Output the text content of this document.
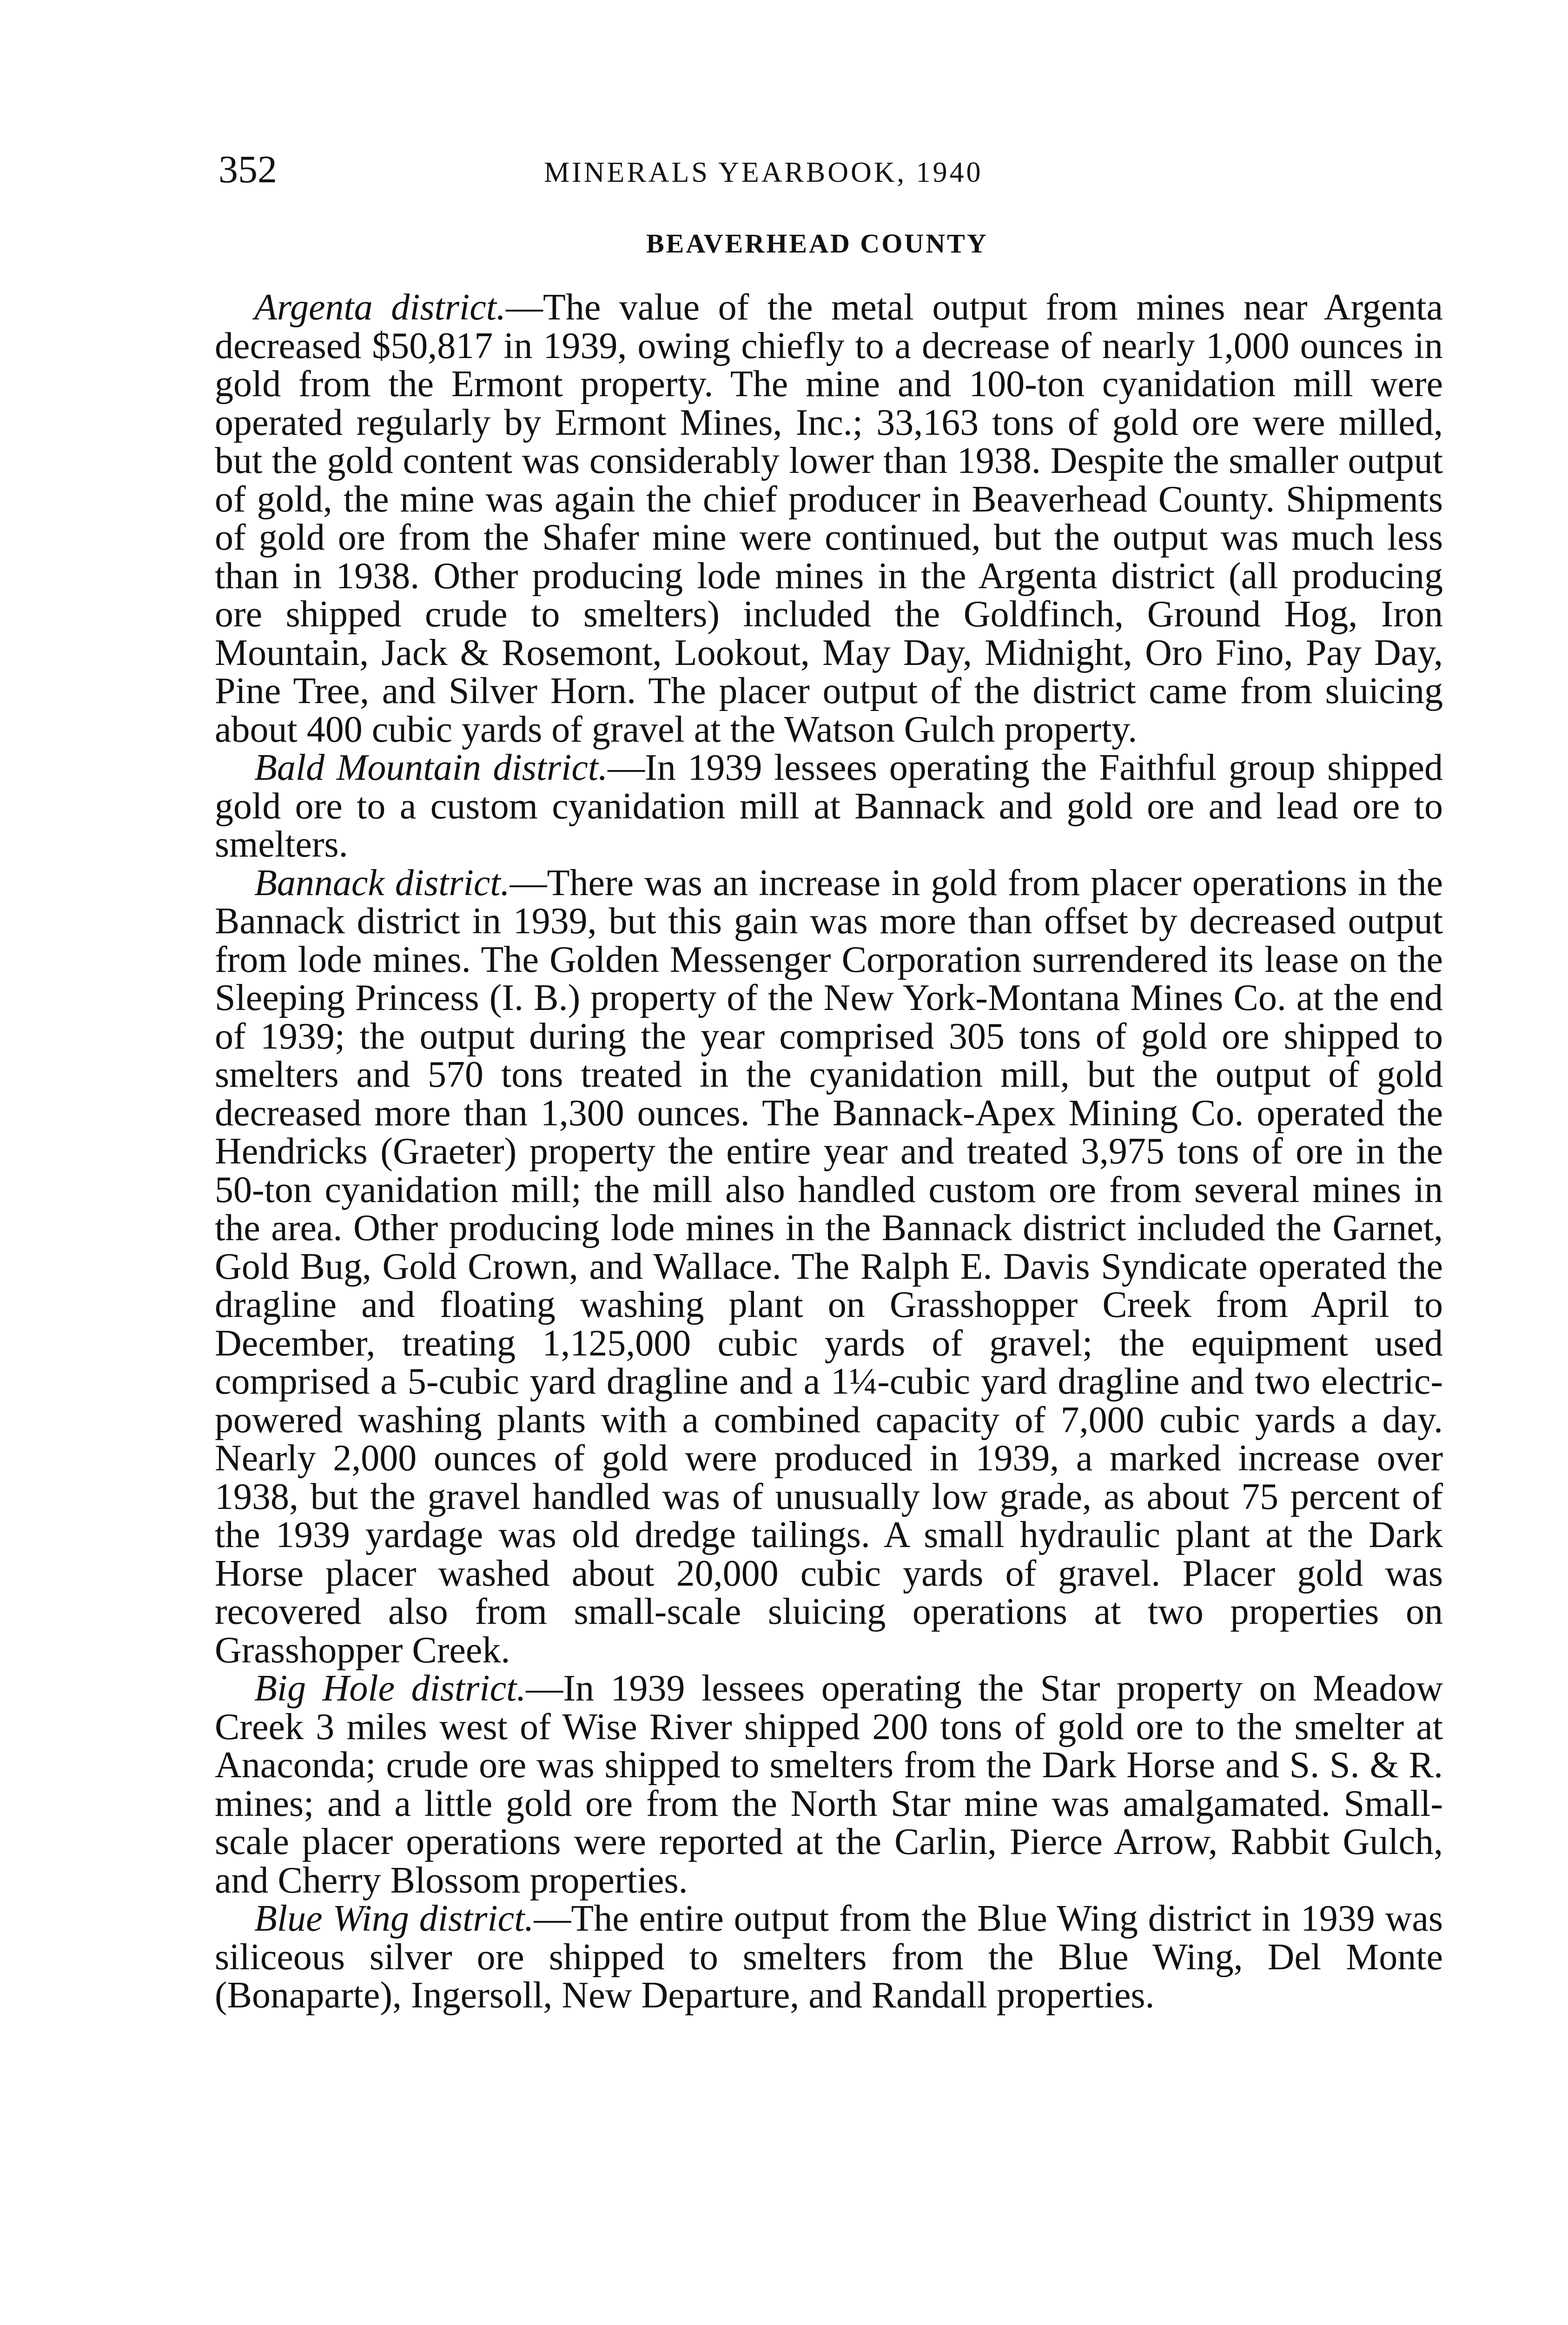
352	MINERALS YEARBOOK, 1940
BEAVERHEAD COUNTY

Argenta district.—The value of the metal output from mines near Argenta decreased $50,817 in 1939, owing chiefly to a decrease of nearly 1,000 ounces in gold from the Ermont property. The mine and 100-ton cyanidation mill were operated regularly by Ermont Mines, Inc.; 33,163 tons of gold ore were milled, but the gold content was considerably lower than 1938. Despite the smaller output of gold, the mine was again the chief producer in Beaverhead County. Shipments of gold ore from the Shafer mine were continued, but the output was much less than in 1938. Other producing lode mines in the Argenta district (all producing ore shipped crude to smelters) included the Goldfinch, Ground Hog, Iron Mountain, Jack & Rosemont, Lookout, May Day, Midnight, Oro Fino, Pay Day, Pine Tree, and Silver Horn. The placer output of the district came from sluicing about 400 cubic yards of gravel at the Watson Gulch property.

Bald Mountain district.—In 1939 lessees operating the Faithful group shipped gold ore to a custom cyanidation mill at Bannack and gold ore and lead ore to smelters.

Bannack district.—There was an increase in gold from placer operations in the Bannack district in 1939, but this gain was more than offset by decreased output from lode mines. The Golden Messenger Corporation surrendered its lease on the Sleeping Princess (I. B.) property of the New York-Montana Mines Co. at the end of 1939; the output during the year comprised 305 tons of gold ore shipped to smelters and 570 tons treated in the cyanidation mill, but the output of gold decreased more than 1,300 ounces. The Bannack-Apex Mining Co. operated the Hendricks (Graeter) property the entire year and treated 3,975 tons of ore in the 50-ton cyanidation mill; the mill also handled custom ore from several mines in the area. Other producing lode mines in the Bannack district included the Garnet, Gold Bug, Gold Crown, and Wallace. The Ralph E. Davis Syndicate operated the dragline and floating washing plant on Grasshopper Creek from April to December, treating 1,125,000 cubic yards of gravel; the equipment used comprised a 5-cubic yard dragline and a 1¼-cubic yard dragline and two electric-powered washing plants with a combined capacity of 7,000 cubic yards a day. Nearly 2,000 ounces of gold were produced in 1939, a marked increase over 1938, but the gravel handled was of unusually low grade, as about 75 percent of the 1939 yardage was old dredge tailings. A small hydraulic plant at the Dark Horse placer washed about 20,000 cubic yards of gravel. Placer gold was recovered also from small-scale sluicing operations at two properties on Grasshopper Creek.

Big Hole district.—In 1939 lessees operating the Star property on Meadow Creek 3 miles west of Wise River shipped 200 tons of gold ore to the smelter at Anaconda; crude ore was shipped to smelters from the Dark Horse and S. S. & R. mines; and a little gold ore from the North Star mine was amalgamated. Small-scale placer operations were reported at the Carlin, Pierce Arrow, Rabbit Gulch, and Cherry Blossom properties.

Blue Wing district.—The entire output from the Blue Wing district in 1939 was siliceous silver ore shipped to smelters from the Blue Wing, Del Monte (Bonaparte), Ingersoll, New Departure, and Randall properties.
